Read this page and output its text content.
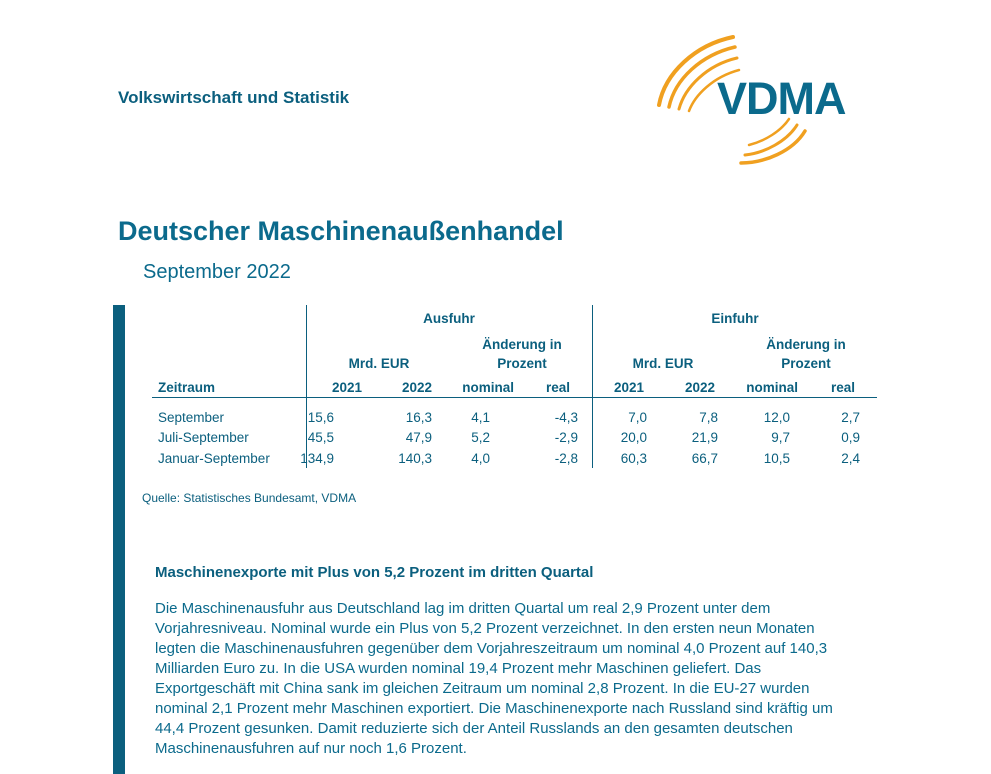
Volkswirtschaft und Statistik	VDMA
Deutscher Maschinenaußenhandel
September 2022
Ausfuhr	Einfuhr
Änderung in
Prozent
Änderung in
Prozent
Mrd. EUR	Mrd. EUR
Zeitraum	2021	2022	nominal	real	2021	2022	nominal	real
September	15,6	16,3	4,1	-4,3	7,0	7,8	12,0	2,7
Juli-September	45,5	47,9	5,2	-2,9	20,0	21,9	9,7	0,9
Januar-September	134,9	140,3	4,0	-2,8	60,3	66,7	10,5	2,4
Quelle: Statistisches Bundesamt, VDMA
Maschinenexporte mit Plus von 5,2 Prozent im dritten Quartal
Die Maschinenausfuhr aus Deutschland lag im dritten Quartal um real 2,9 Prozent unter dem
Vorjahresniveau. Nominal wurde ein Plus von 5,2 Prozent verzeichnet. In den ersten neun Monaten
legten die Maschinenausfuhren gegenüber dem Vorjahreszeitraum um nominal 4,0 Prozent auf 140,3
Milliarden Euro zu. In die USA wurden nominal 19,4 Prozent mehr Maschinen geliefert. Das
Exportgeschäft mit China sank im gleichen Zeitraum um nominal 2,8 Prozent. In die EU-27 wurden
nominal 2,1 Prozent mehr Maschinen exportiert. Die Maschinenexporte nach Russland sind kräftig um
44,4 Prozent gesunken. Damit reduzierte sich der Anteil Russlands an den gesamten deutschen
Maschinenausfuhren auf nur noch 1,6 Prozent.
